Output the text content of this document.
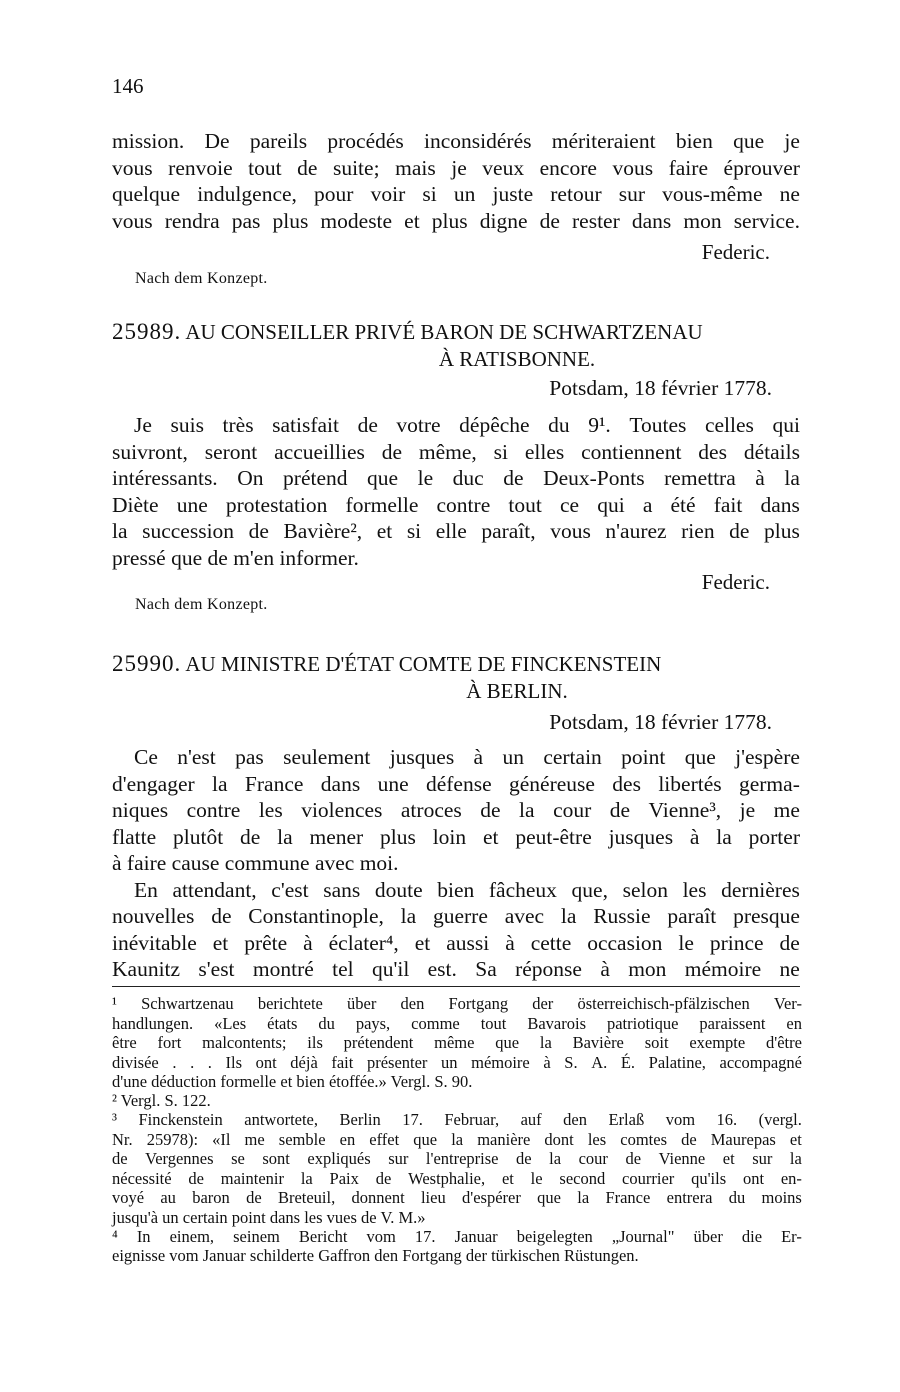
146
mission. De pareils procédés inconsidérés mériteraient bien que je
vous renvoie tout de suite; mais je veux encore vous faire éprouver
quelque indulgence, pour voir si un juste retour sur vous-même ne
vous rendra pas plus modeste et plus digne de rester dans mon service.
Federic.
Nach dem Konzept.
25989. AU CONSEILLER PRIVÉ BARON DE SCHWARTZENAU
À RATISBONNE.
Potsdam, 18 février 1778.
Je suis très satisfait de votre dépêche du 9¹. Toutes celles qui
suivront, seront accueillies de même, si elles contiennent des détails
intéressants. On prétend que le duc de Deux-Ponts remettra à la
Diète une protestation formelle contre tout ce qui a été fait dans
la succession de Bavière², et si elle paraît, vous n'aurez rien de plus
pressé que de m'en informer.
Federic.
Nach dem Konzept.
25990. AU MINISTRE D'ÉTAT COMTE DE FINCKENSTEIN
À BERLIN.
Potsdam, 18 février 1778.
Ce n'est pas seulement jusques à un certain point que j'espère
d'engager la France dans une défense généreuse des libertés germa-
niques contre les violences atroces de la cour de Vienne³, je me
flatte plutôt de la mener plus loin et peut-être jusques à la porter
à faire cause commune avec moi.
En attendant, c'est sans doute bien fâcheux que, selon les dernières
nouvelles de Constantinople, la guerre avec la Russie paraît presque
inévitable et prête à éclater⁴, et aussi à cette occasion le prince de
Kaunitz s'est montré tel qu'il est. Sa réponse à mon mémoire ne
¹ Schwartzenau berichtete über den Fortgang der österreichisch-pfälzischen Ver-
handlungen. «Les états du pays, comme tout Bavarois patriotique paraissent en
être fort malcontents; ils prétendent même que la Bavière soit exempte d'être
divisée . . . Ils ont déjà fait présenter un mémoire à S. A. É. Palatine, accompagné
d'une déduction formelle et bien étoffée.» Vergl. S. 90.
² Vergl. S. 122.
³ Finckenstein antwortete, Berlin 17. Februar, auf den Erlaß vom 16. (vergl.
Nr. 25978): «Il me semble en effet que la manière dont les comtes de Maurepas et
de Vergennes se sont expliqués sur l'entreprise de la cour de Vienne et sur la
nécessité de maintenir la Paix de Westphalie, et le second courrier qu'ils ont en-
voyé au baron de Breteuil, donnent lieu d'espérer que la France entrera du moins
jusqu'à un certain point dans les vues de V. M.»
⁴ In einem, seinem Bericht vom 17. Januar beigelegten „Journal" über die Er-
eignisse vom Januar schilderte Gaffron den Fortgang der türkischen Rüstungen.
